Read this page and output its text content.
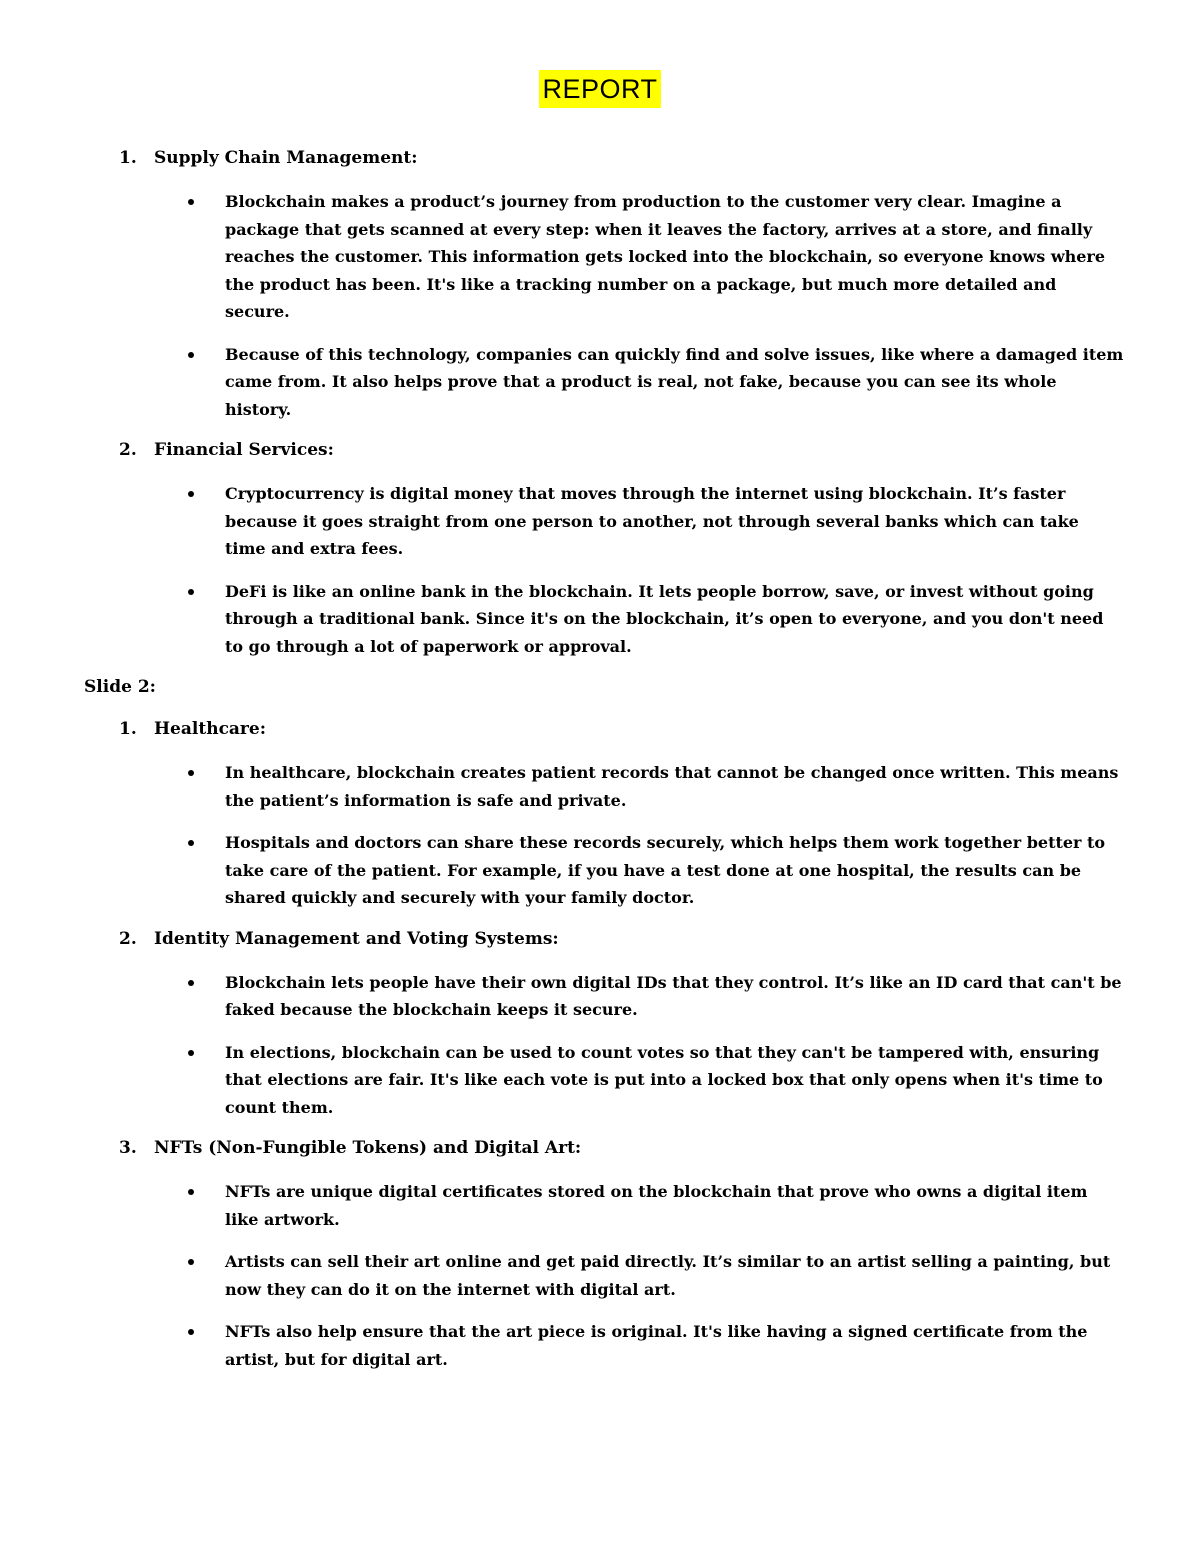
REPORT
1. Supply Chain Management:
Blockchain makes a product’s journey from production to the customer very clear. Imagine a package that gets scanned at every step: when it leaves the factory, arrives at a store, and finally reaches the customer. This information gets locked into the blockchain, so everyone knows where the product has been. It's like a tracking number on a package, but much more detailed and secure.
Because of this technology, companies can quickly find and solve issues, like where a damaged item came from. It also helps prove that a product is real, not fake, because you can see its whole history.
2. Financial Services:
Cryptocurrency is digital money that moves through the internet using blockchain. It’s faster because it goes straight from one person to another, not through several banks which can take time and extra fees.
DeFi is like an online bank in the blockchain. It lets people borrow, save, or invest without going through a traditional bank. Since it's on the blockchain, it’s open to everyone, and you don't need to go through a lot of paperwork or approval.
Slide 2:
1. Healthcare:
In healthcare, blockchain creates patient records that cannot be changed once written. This means the patient’s information is safe and private.
Hospitals and doctors can share these records securely, which helps them work together better to take care of the patient. For example, if you have a test done at one hospital, the results can be shared quickly and securely with your family doctor.
2. Identity Management and Voting Systems:
Blockchain lets people have their own digital IDs that they control. It’s like an ID card that can't be faked because the blockchain keeps it secure.
In elections, blockchain can be used to count votes so that they can't be tampered with, ensuring that elections are fair. It's like each vote is put into a locked box that only opens when it's time to count them.
3. NFTs (Non-Fungible Tokens) and Digital Art:
NFTs are unique digital certificates stored on the blockchain that prove who owns a digital item like artwork.
Artists can sell their art online and get paid directly. It’s similar to an artist selling a painting, but now they can do it on the internet with digital art.
NFTs also help ensure that the art piece is original. It's like having a signed certificate from the artist, but for digital art.
